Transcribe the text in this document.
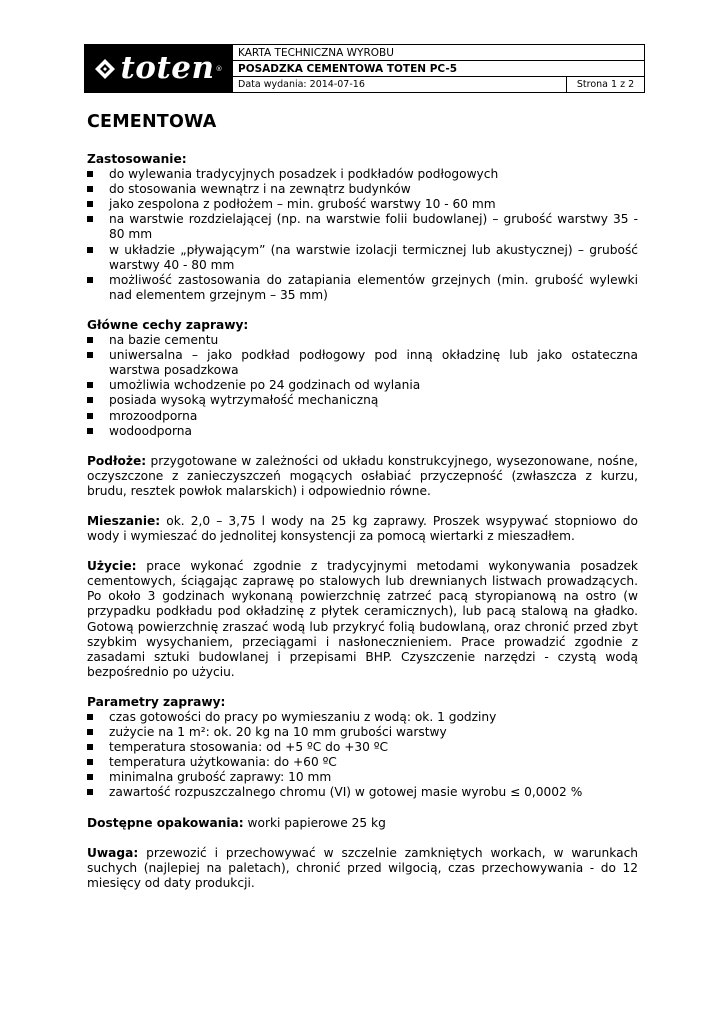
toten ®
KARTA TECHNICZNA WYROBU
POSADZKA CEMENTOWA TOTEN PC-5
Data wydania: 2014-07-16	Strona 1 z 2
CEMENTOWA
Zastosowanie:
do wylewania tradycyjnych posadzek i podkładów podłogowych
do stosowania wewnątrz i na zewnątrz budynków
jako zespolona z podłożem – min. grubość warstwy 10 - 60 mm
na warstwie rozdzielającej (np. na warstwie folii budowlanej) – grubość warstwy 35 - 80 mm
w układzie „pływającym” (na warstwie izolacji termicznej lub akustycznej) – grubość warstwy 40 - 80 mm
możliwość zastosowania do zatapiania elementów grzejnych (min. grubość wylewki nad elementem grzejnym – 35 mm)
Główne cechy zaprawy:
na bazie cementu
uniwersalna – jako podkład podłogowy pod inną okładzinę lub jako ostateczna warstwa posadzkowa
umożliwia wchodzenie po 24 godzinach od wylania
posiada wysoką wytrzymałość mechaniczną
mrozoodporna
wodoodporna

Podłoże: przygotowane w zależności od układu konstrukcyjnego, wysezonowane, nośne, oczyszczone z zanieczyszczeń mogących osłabiać przyczepność (zwłaszcza z kurzu, brudu, resztek powłok malarskich) i odpowiednio równe.

Mieszanie: ok. 2,0 – 3,75 l wody na 25 kg zaprawy. Proszek wsypywać stopniowo do wody i wymieszać do jednolitej konsystencji za pomocą wiertarki z mieszadłem.

Użycie: prace wykonać zgodnie z tradycyjnymi metodami wykonywania posadzek cementowych, ściągając zaprawę po stalowych lub drewnianych listwach prowadzących. Po około 3 godzinach wykonaną powierzchnię zatrzeć pacą styropianową na ostro (w przypadku podkładu pod okładzinę z płytek ceramicznych), lub pacą stalową na gładko. Gotową powierzchnię zraszać wodą lub przykryć folią budowlaną, oraz chronić przed zbyt szybkim wysychaniem, przeciągami i nasłonecznieniem. Prace prowadzić zgodnie z zasadami sztuki budowlanej i przepisami BHP. Czyszczenie narzędzi - czystą wodą bezpośrednio po użyciu.

Parametry zaprawy:
czas gotowości do pracy po wymieszaniu z wodą: ok. 1 godziny
zużycie na 1 m²: ok. 20 kg na 10 mm grubości warstwy
temperatura stosowania: od +5 ºC do +30 ºC
temperatura użytkowania: do +60 ºC
minimalna grubość zaprawy: 10 mm
zawartość rozpuszczalnego chromu (VI) w gotowej masie wyrobu ≤ 0,0002 %

Dostępne opakowania: worki papierowe 25 kg

Uwaga: przewozić i przechowywać w szczelnie zamkniętych workach, w warunkach suchych (najlepiej na paletach), chronić przed wilgocią, czas przechowywania - do 12 miesięcy od daty produkcji.
